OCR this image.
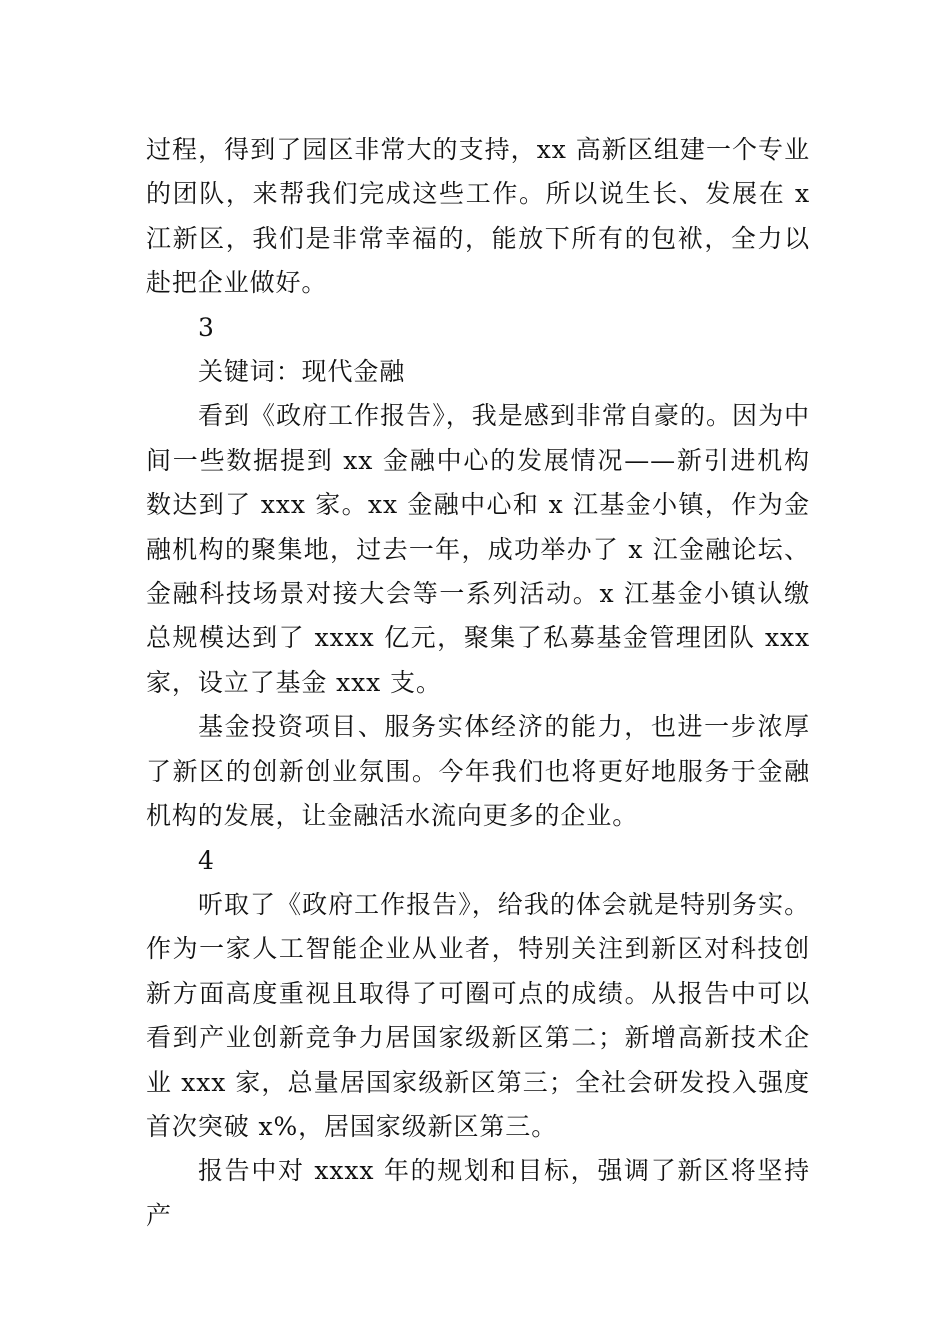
过程，得到了园区非常大的支持，xx 高新区组建一个专业的团队，来帮我们完成这些工作。所以说生长、发展在 x 江新区，我们是非常幸福的，能放下所有的包袱，全力以赴把企业做好。

3

关键词：现代金融

看到《政府工作报告》，我是感到非常自豪的。因为中间一些数据提到 xx 金融中心的发展情况——新引进机构数达到了 xxx 家。xx 金融中心和 x 江基金小镇，作为金融机构的聚集地，过去一年，成功举办了 x 江金融论坛、金融科技场景对接大会等一系列活动。x 江基金小镇认缴总规模达到了 xxxx 亿元，聚集了私募基金管理团队 xxx 家，设立了基金 xxx 支。

基金投资项目、服务实体经济的能力，也进一步浓厚了新区的创新创业氛围。今年我们也将更好地服务于金融机构的发展，让金融活水流向更多的企业。

4

听取了《政府工作报告》，给我的体会就是特别务实。作为一家人工智能企业从业者，特别关注到新区对科技创新方面高度重视且取得了可圈可点的成绩。从报告中可以看到产业创新竞争力居国家级新区第二；新增高新技术企业 xxx 家，总量居国家级新区第三；全社会研发投入强度首次突破 x%，居国家级新区第三。

报告中对 xxxx 年的规划和目标，强调了新区将坚持产
